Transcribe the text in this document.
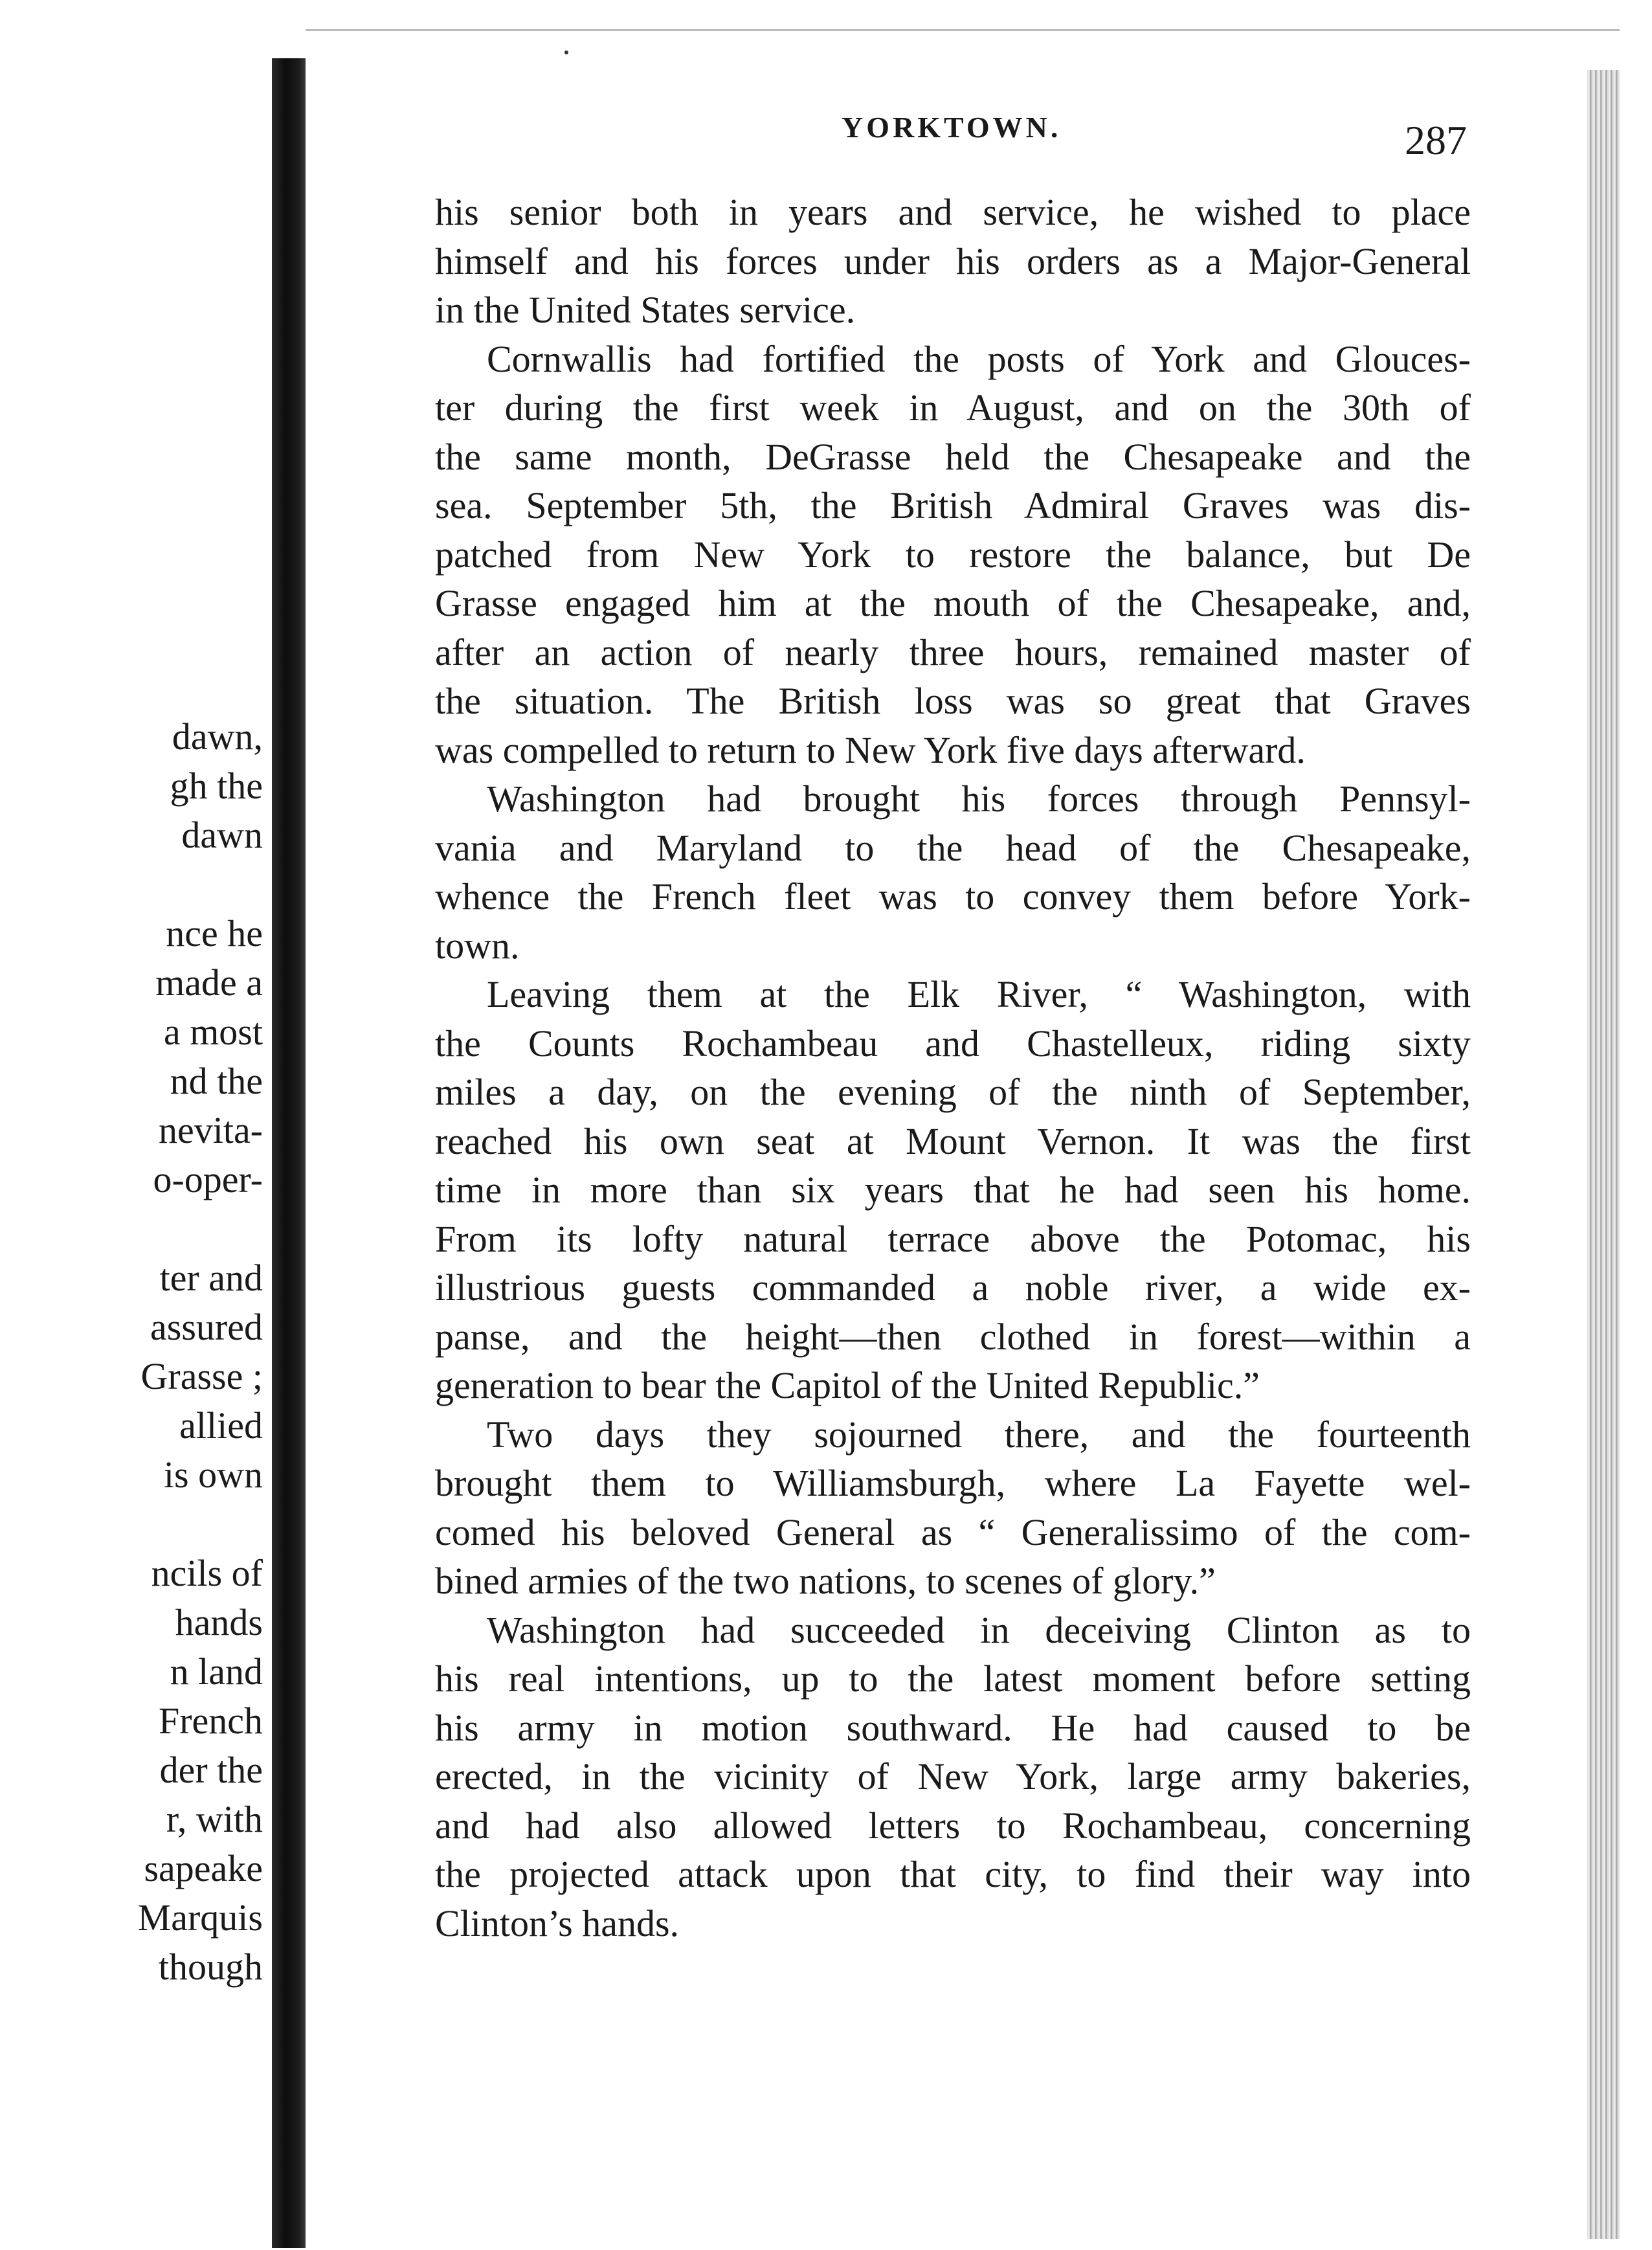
dawn,
gh the
dawn
nce he
made a
a most
nd the
nevita-
o-oper-
ter and
assured
Grasse ;
allied
is own
ncils of
hands
n land
French
der the
r, with
sapeake
Marquis
though
YORKTOWN.	287
his senior both in years and service, he wished to place
himself and his forces under his orders as a Major-General
in the United States service.
Cornwallis had fortified the posts of York and Glouces-
ter during the first week in August, and on the 30th of
the same month, DeGrasse held the Chesapeake and the
sea. September 5th, the British Admiral Graves was dis-
patched from New York to restore the balance, but De
Grasse engaged him at the mouth of the Chesapeake, and,
after an action of nearly three hours, remained master of
the situation. The British loss was so great that Graves
was compelled to return to New York five days afterward.
Washington had brought his forces through Pennsyl-
vania and Maryland to the head of the Chesapeake,
whence the French fleet was to convey them before York-
town.
Leaving them at the Elk River, “ Washington, with
the Counts Rochambeau and Chastelleux, riding sixty
miles a day, on the evening of the ninth of September,
reached his own seat at Mount Vernon. It was the first
time in more than six years that he had seen his home.
From its lofty natural terrace above the Potomac, his
illustrious guests commanded a noble river, a wide ex-
panse, and the height—then clothed in forest—within a
generation to bear the Capitol of the United Republic.”
Two days they sojourned there, and the fourteenth
brought them to Williamsburgh, where La Fayette wel-
comed his beloved General as “ Generalissimo of the com-
bined armies of the two nations, to scenes of glory.”
Washington had succeeded in deceiving Clinton as to
his real intentions, up to the latest moment before setting
his army in motion southward. He had caused to be
erected, in the vicinity of New York, large army bakeries,
and had also allowed letters to Rochambeau, concerning
the projected attack upon that city, to find their way into
Clinton’s hands.
